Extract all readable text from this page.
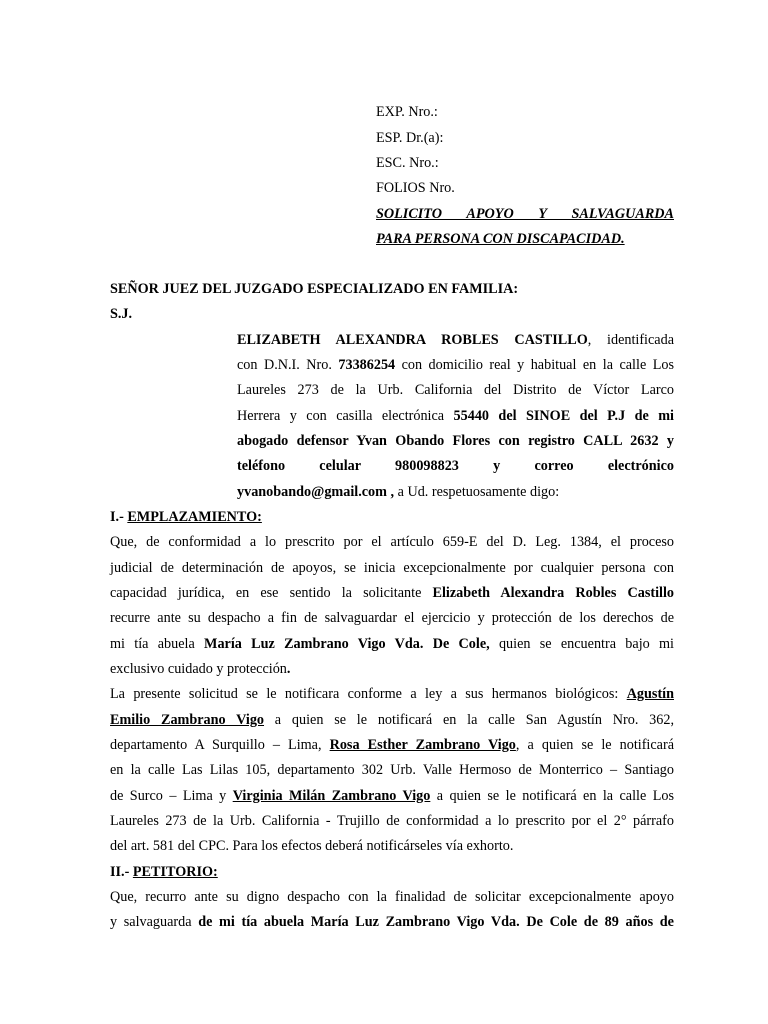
EXP. Nro.:
ESP. Dr.(a):
ESC. Nro.:
FOLIOS Nro.
SOLICITO APOYO Y SALVAGUARDA
PARA PERSONA CON DISCAPACIDAD.
SEÑOR JUEZ DEL JUZGADO ESPECIALIZADO EN FAMILIA:
S.J.
ELIZABETH ALEXANDRA ROBLES CASTILLO, identificada
con D.N.I. Nro. 73386254 con domicilio real y habitual en la calle Los
Laureles 273 de la Urb. California del Distrito de Víctor Larco
Herrera y con casilla electrónica 55440 del SINOE del P.J de mi
abogado defensor Yvan Obando Flores con registro CALL 2632 y
teléfono celular 980098823 y correo electrónico
yvanobando@gmail.com , a Ud. respetuosamente digo:
I.- EMPLAZAMIENTO:
Que, de conformidad a lo prescrito por el artículo 659-E del D. Leg. 1384, el proceso
judicial de determinación de apoyos, se inicia excepcionalmente por cualquier persona con
capacidad jurídica, en ese sentido la solicitante Elizabeth Alexandra Robles Castillo
recurre ante su despacho a fin de salvaguardar el ejercicio y protección de los derechos de
mi tía abuela María Luz Zambrano Vigo Vda. De Cole, quien se encuentra bajo mi
exclusivo cuidado y protección.
La presente solicitud se le notificara conforme a ley a sus hermanos biológicos: Agustín
Emilio Zambrano Vigo a quien se le notificará en la calle San Agustín Nro. 362,
departamento A Surquillo – Lima, Rosa Esther Zambrano Vigo, a quien se le notificará
en la calle Las Lilas 105, departamento 302 Urb. Valle Hermoso de Monterrico – Santiago
de Surco – Lima y Virginia Milán Zambrano Vigo a quien se le notificará en la calle Los
Laureles 273 de la Urb. California - Trujillo de conformidad a lo prescrito por el 2° párrafo
del art. 581 del CPC. Para los efectos deberá notificárseles vía exhorto.
II.- PETITORIO:
Que, recurro ante su digno despacho con la finalidad de solicitar excepcionalmente apoyo
y salvaguarda de mi tía abuela María Luz Zambrano Vigo Vda. De Cole de 89 años de
